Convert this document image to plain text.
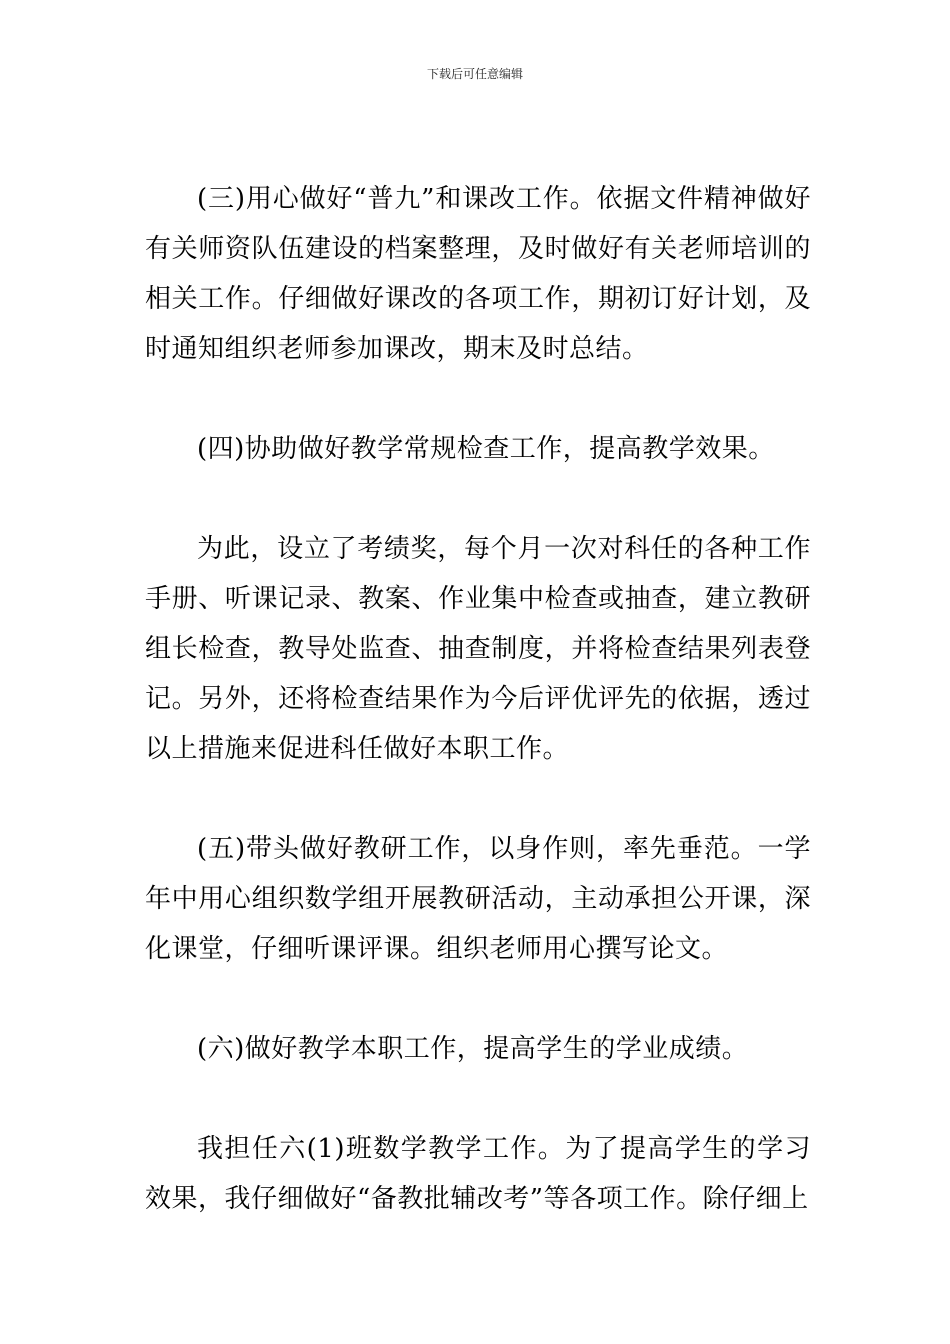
下载后可任意编辑

(三)用心做好“普九”和课改工作。依据文件精神做好有关师资队伍建设的档案整理，及时做好有关老师培训的相关工作。仔细做好课改的各项工作，期初订好计划，及时通知组织老师参加课改，期末及时总结。

(四)协助做好教学常规检查工作，提高教学效果。

为此，设立了考绩奖，每个月一次对科任的各种工作手册、听课记录、教案、作业集中检查或抽查，建立教研组长检查，教导处监查、抽查制度，并将检查结果列表登记。另外，还将检查结果作为今后评优评先的依据，透过以上措施来促进科任做好本职工作。

(五)带头做好教研工作，以身作则，率先垂范。一学年中用心组织数学组开展教研活动，主动承担公开课，深化课堂，仔细听课评课。组织老师用心撰写论文。

(六)做好教学本职工作，提高学生的学业成绩。

我担任六(1)班数学教学工作。为了提高学生的学习效果，我仔细做好“备教批辅改考”等各项工作。除仔细上
